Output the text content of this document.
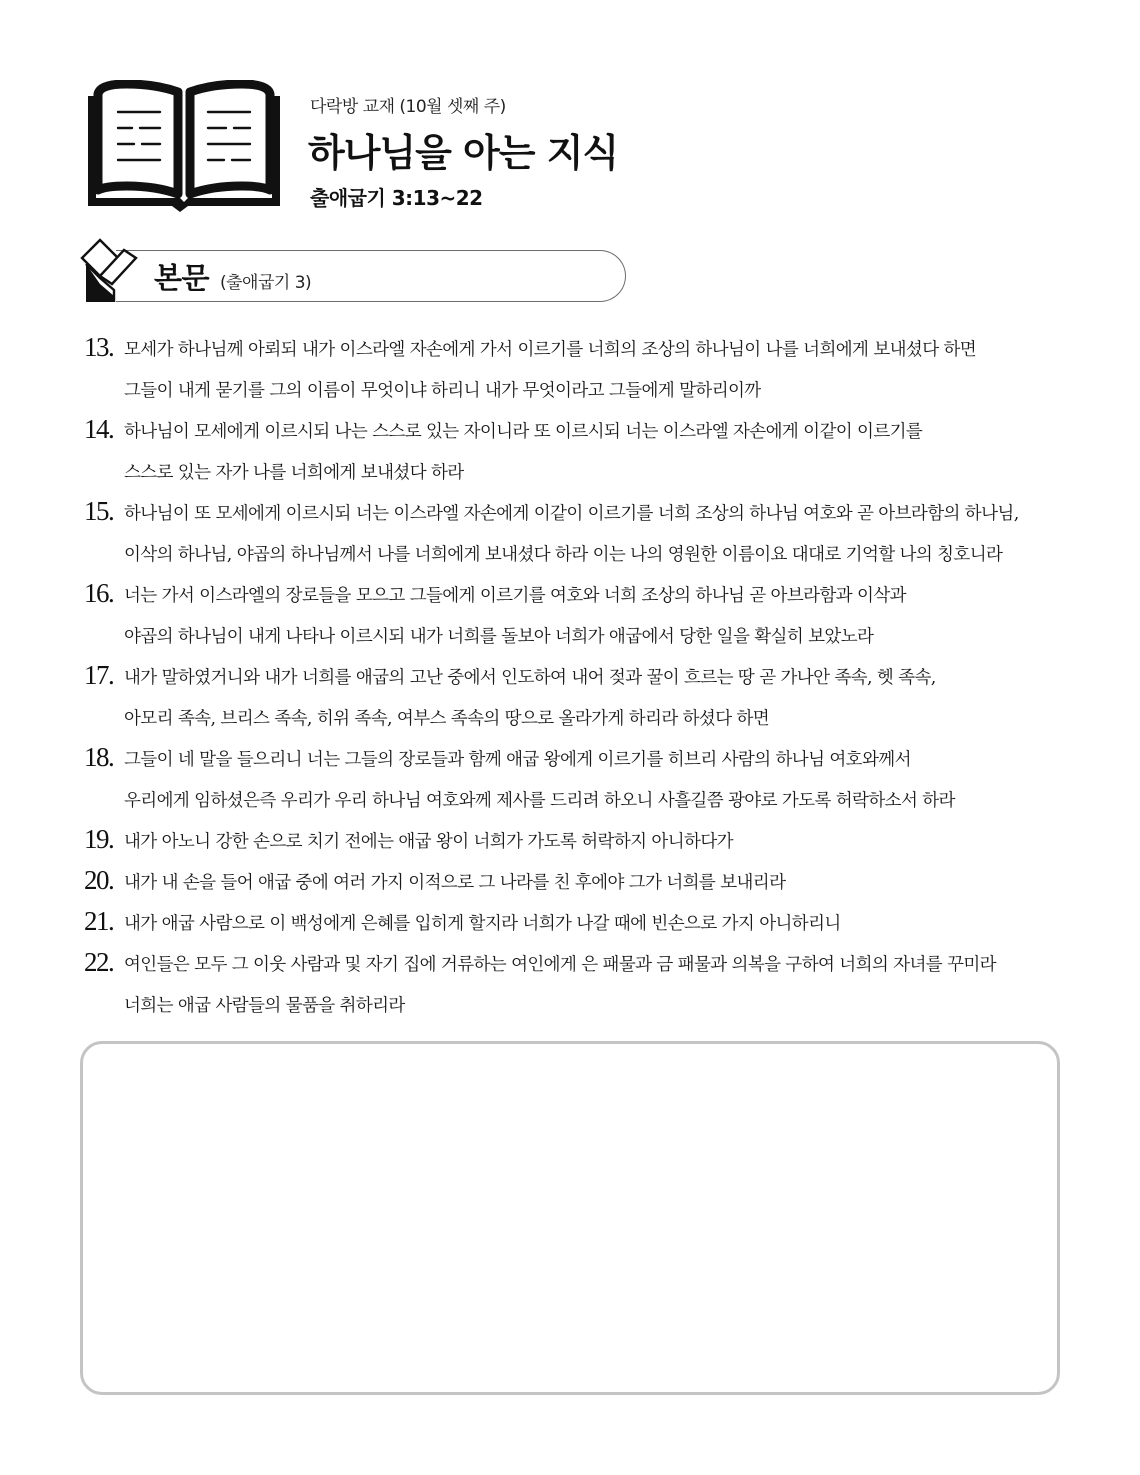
다락방 교재 (10월 셋째 주)
하나님을 아는 지식
출애굽기 3:13~22
본문 (출애굽기 3)
13. 모세가 하나님께 아뢰되 내가 이스라엘 자손에게 가서 이르기를 너희의 조상의 하나님이 나를 너희에게 보내셨다 하면
그들이 내게 묻기를 그의 이름이 무엇이냐 하리니 내가 무엇이라고 그들에게 말하리이까
14. 하나님이 모세에게 이르시되 나는 스스로 있는 자이니라 또 이르시되 너는 이스라엘 자손에게 이같이 이르기를
스스로 있는 자가 나를 너희에게 보내셨다 하라
15. 하나님이 또 모세에게 이르시되 너는 이스라엘 자손에게 이같이 이르기를 너희 조상의 하나님 여호와 곧 아브라함의 하나님,
이삭의 하나님, 야곱의 하나님께서 나를 너희에게 보내셨다 하라 이는 나의 영원한 이름이요 대대로 기억할 나의 칭호니라
16. 너는 가서 이스라엘의 장로들을 모으고 그들에게 이르기를 여호와 너희 조상의 하나님 곧 아브라함과 이삭과
야곱의 하나님이 내게 나타나 이르시되 내가 너희를 돌보아 너희가 애굽에서 당한 일을 확실히 보았노라
17. 내가 말하였거니와 내가 너희를 애굽의 고난 중에서 인도하여 내어 젖과 꿀이 흐르는 땅 곧 가나안 족속, 헷 족속,
아모리 족속, 브리스 족속, 히위 족속, 여부스 족속의 땅으로 올라가게 하리라 하셨다 하면
18. 그들이 네 말을 들으리니 너는 그들의 장로들과 함께 애굽 왕에게 이르기를 히브리 사람의 하나님 여호와께서
우리에게 임하셨은즉 우리가 우리 하나님 여호와께 제사를 드리려 하오니 사흘길쯤 광야로 가도록 허락하소서 하라
19. 내가 아노니 강한 손으로 치기 전에는 애굽 왕이 너희가 가도록 허락하지 아니하다가
20. 내가 내 손을 들어 애굽 중에 여러 가지 이적으로 그 나라를 친 후에야 그가 너희를 보내리라
21. 내가 애굽 사람으로 이 백성에게 은혜를 입히게 할지라 너희가 나갈 때에 빈손으로 가지 아니하리니
22. 여인들은 모두 그 이웃 사람과 및 자기 집에 거류하는 여인에게 은 패물과 금 패물과 의복을 구하여 너희의 자녀를 꾸미라
너희는 애굽 사람들의 물품을 취하리라
